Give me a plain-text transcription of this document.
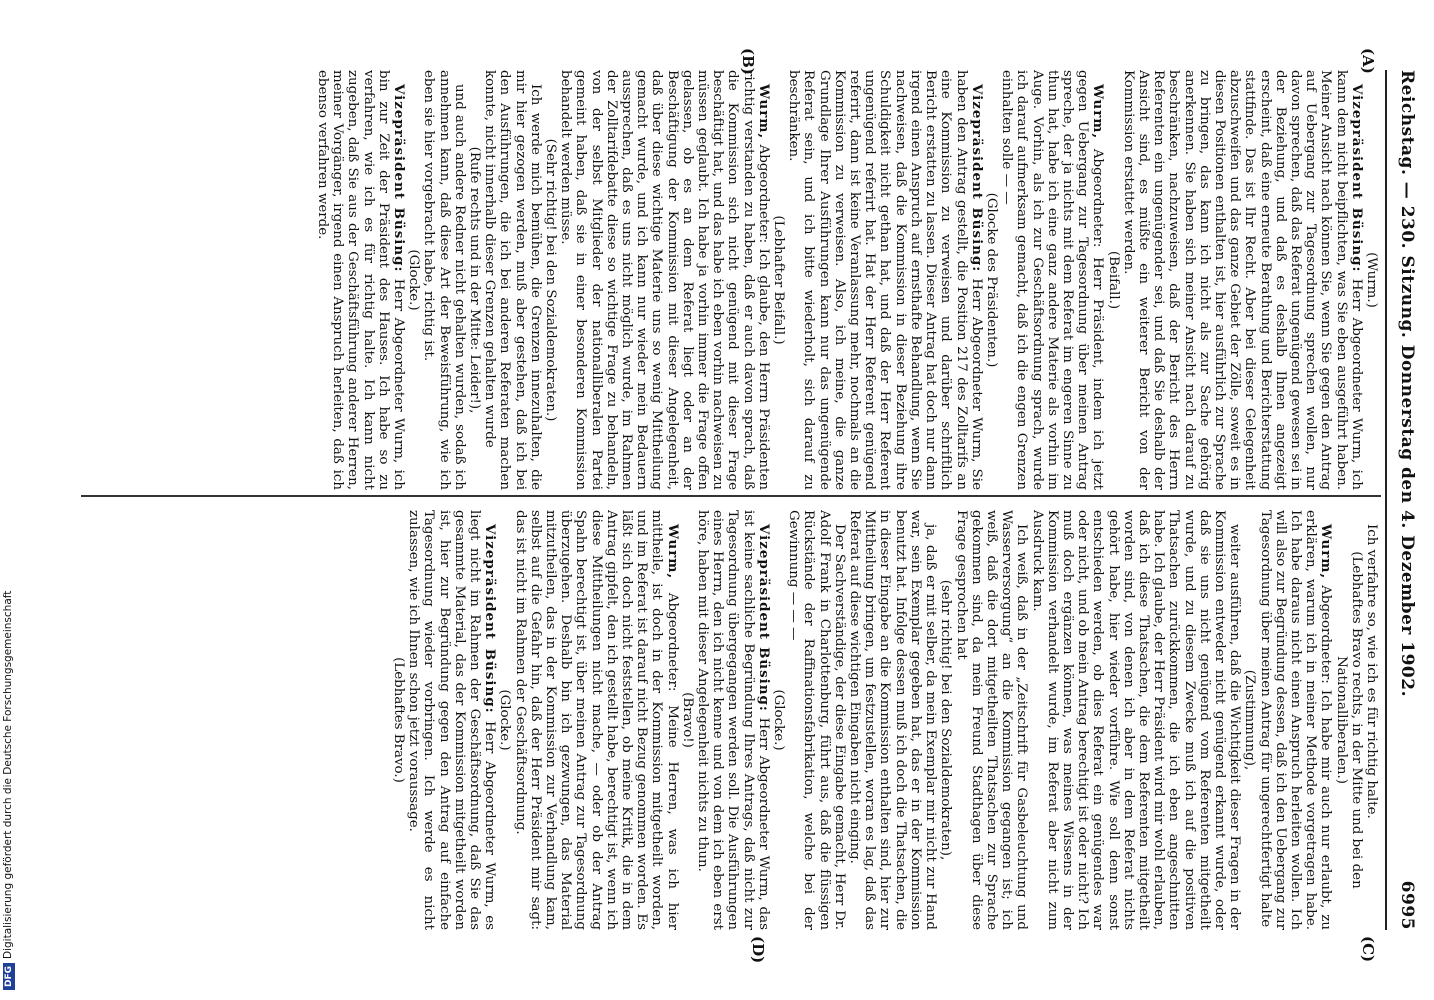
DFGDigitalisierung gefördert durch die Deutsche Forschungsgemeinschaft
Reichstag. — 230. Sitzung. Donnerstag den 4. Dezember 1902.
6995
(A)
(B)
(C)
(D)

(Wurm.)

Vizepräsident Büsing: Herr Abgeordneter Wurm, ich kann dem nicht beipflichten, was Sie eben ausgeführt haben. Meiner Ansicht nach können Sie, wenn Sie gegen den Antrag auf Uebergang zur Tagesordnung sprechen wollen, nur davon sprechen, daß das Referat ungenügend gewesen sei in der Beziehung, und daß es deshalb Ihnen angezeigt erscheint, daß eine erneute Berathung und Berichterstattung stattfinde. Das ist Ihr Recht. Aber bei dieser Gelegenheit abzuschweifen und das ganze Gebiet der Zölle, soweit es in diesen Positionen enthalten ist, hier ausführlich zur Sprache zu bringen, das kann ich nicht als zur Sache gehörig anerkennen. Sie haben sich meiner Ansicht nach darauf zu beschränken, nachzuweisen, daß der Bericht des Herrn Referenten ein ungenügender sei, und daß Sie deshalb der Ansicht sind, es müßte ein weiterer Bericht von der Kommission erstattet werden.

(Beifall.)

Wurm, Abgeordneter: Herr Präsident, indem ich jetzt gegen Uebergang zur Tagesordnung über meinen Antrag spreche, der ja nichts mit dem Referat im engeren Sinne zu thun hat, habe ich eine ganz andere Materie als vorhin im Auge. Vorhin, als ich zur Geschäftsordnung sprach, wurde ich darauf aufmerksam gemacht, daß ich die engen Grenzen einhalten solle — —

(Glocke des Präsidenten.)

Vizepräsident Büsing: Herr Abgeordneter Wurm, Sie haben den Antrag gestellt, die Position 217 des Zolltarifs an eine Kommission zu verweisen und darüber schriftlich Bericht erstatten zu lassen. Dieser Antrag hat doch nur dann irgend einen Anspruch auf ernsthafte Behandlung, wenn Sie nachweisen, daß die Kommission in dieser Beziehung ihre Schuldigkeit nicht gethan hat, und daß der Herr Referent ungenügend referirt hat. Hat der Herr Referent genügend referirt, dann ist keine Veranlassung mehr, nochmals an die Kommission zu verweisen. Also, ich meine, die ganze Grundlage Ihrer Ausführungen kann nur das ungenügende Referat sein, und ich bitte wiederholt, sich darauf zu beschränken.

(Lebhafter Beifall.)

Wurm, Abgeordneter: Ich glaube, den Herrn Präsidenten richtig verstanden zu haben, daß er auch davon sprach, daß die Kommission sich nicht genügend mit dieser Frage beschäftigt hat, und das habe ich eben vorhin nachweisen zu müssen geglaubt. Ich habe ja vorhin immer die Frage offen gelassen, ob es an dem Referat liegt oder an der Beschäftigung der Kommission mit dieser Angelegenheit, daß über diese wichtige Materie uns so wenig Mittheilung gemacht wurde, und ich kann nur wieder mein Bedauern aussprechen, daß es uns nicht möglich wurde, im Rahmen der Zolltarifdebatte diese so wichtige Frage zu behandeln, von der selbst Mitglieder der nationalliberalen Partei gemeint haben, daß sie in einer besonderen Kommission behandelt werden müsse.

(Sehr richtig! bei den Sozialdemokraten.)

Ich werde mich bemühen, die Grenzen innezuhalten, die mir hier gezogen werden, muß aber gestehen, daß ich bei den Ausführungen, die ich bei anderen Referaten machen konnte, nicht innerhalb dieser Grenzen gehalten wurde

(Rufe rechts und in der Mitte: Leider!),

und auch andere Redner nicht gehalten wurden, sodaß ich annehmen kann, daß diese Art der Beweisführung, wie ich eben sie hier vorgebracht habe, richtig ist.

(Glocke.)

Vizepräsident Büsing: Herr Abgeordneter Wurm, ich bin zur Zeit der Präsident des Hauses. Ich habe so zu verfahren, wie ich es für richtig halte. Ich kann nicht zugeben, daß Sie aus der Geschäftsführung anderer Herren, meiner Vorgänger, irgend einen Anspruch herleiten, daß ich ebenso verfahren werde.

Ich verfahre so, wie ich es für richtig halte.

(Lebhaftes Bravo rechts, in der Mitte und bei den Nationalliberalen.)

Wurm, Abgeordneter: Ich habe mir auch nur erlaubt, zu erklären, warum ich in meiner Methode vorgetragen habe. Ich habe daraus nicht einen Anspruch herleiten wollen. Ich will also zur Begründung dessen, daß ich den Uebergang zur Tagesordnung über meinen Antrag für ungerechtfertigt halte

(Zustimmung),

weiter ausführen, daß die Wichtigkeit dieser Fragen in der Kommission entweder nicht genügend erkannt wurde, oder daß sie uns nicht genügend vom Referenten mitgetheilt wurde, und zu diesem Zwecke muß ich auf die positiven Thatsachen zurückkommen, die ich eben angeschnitten habe. Ich glaube, der Herr Präsident wird mir wohl erlauben, daß ich diese Thatsachen, die dem Referenten mitgetheilt worden sind, von denen ich aber in dem Referat nichts gehört habe, hier wieder vorführe. Wie soll denn sonst entschieden werden, ob dies Referat ein genügendes war oder nicht, und ob mein Antrag berechtigt ist oder nicht? Ich muß doch ergänzen können, was meines Wissens in der Kommission verhandelt wurde, im Referat aber nicht zum Ausdruck kam.

Ich weiß, daß in der „Zeitschrift für Gasbeleuchtung und Wasserversorgung“ an die Kommission gegangen ist; ich weiß, daß die dort mitgetheilten Thatsachen zur Sprache gekommen sind, da mein Freund Stadthagen über diese Frage gesprochen hat

(sehr richtig! bei den Sozialdemokraten),

ja, daß er mit selber, da mein Exemplar mir nicht zur Hand war, sein Exemplar gegeben hat, das er in der Kommission benutzt hat. Infolge dessen muß ich doch die Thatsachen, die in dieser Eingabe an die Kommission enthalten sind, hier zur Mittheilung bringen, um festzustellen, woran es lag, daß das Referat auf diese wichtigen Eingaben nicht einging.

Der Sachverständige, der diese Eingabe gemacht, Herr Dr. Adolf Frank in Charlottenburg, führt aus, daß die flüssigen Rückstände der Raffinationsfabrikation, welche bei der Gewinnung — — —

(Glocke.)

Vizepräsident Büsing: Herr Abgeordneter Wurm, das ist keine sachliche Begründung Ihres Antrags, daß nicht zur Tagesordnung übergegangen werden soll. Die Ausführungen eines Herrn, den ich nicht kenne und von dem ich eben erst höre, haben mit dieser Angelegenheit nichts zu thun.

(Bravo!)

Wurm, Abgeordneter: Meine Herren, was ich hier mittheile, ist doch in der Kommission mitgetheilt worden, und im Referat ist darauf nicht Bezug genommen worden. Es läßt sich doch nicht feststellen, ob meine Kritik, die in dem Antrag gipfelt, den ich gestellt habe, berechtigt ist, wenn ich diese Mittheilungen nicht mache, — oder ob der Antrag Spahn berechtigt ist, über meinen Antrag zur Tagesordnung überzugehen. Deshalb bin ich gezwungen, das Material mitzutheilen, das in der Kommission zur Verhandlung kam, selbst auf die Gefahr hin, daß der Herr Präsident mir sagt: das ist nicht im Rahmen der Geschäftsordnung.

(Glocke.)

Vizepräsident Büsing: Herr Abgeordneter Wurm, es liegt nicht im Rahmen der Geschäftsordnung, daß Sie das gesammte Material, das der Kommission mitgetheilt worden ist, hier zur Begründung gegen den Antrag auf einfache Tagesordnung wieder vorbringen. Ich werde es nicht zulassen, wie ich Ihnen schon jetzt voraussage.

(Lebhaftes Bravo.)
